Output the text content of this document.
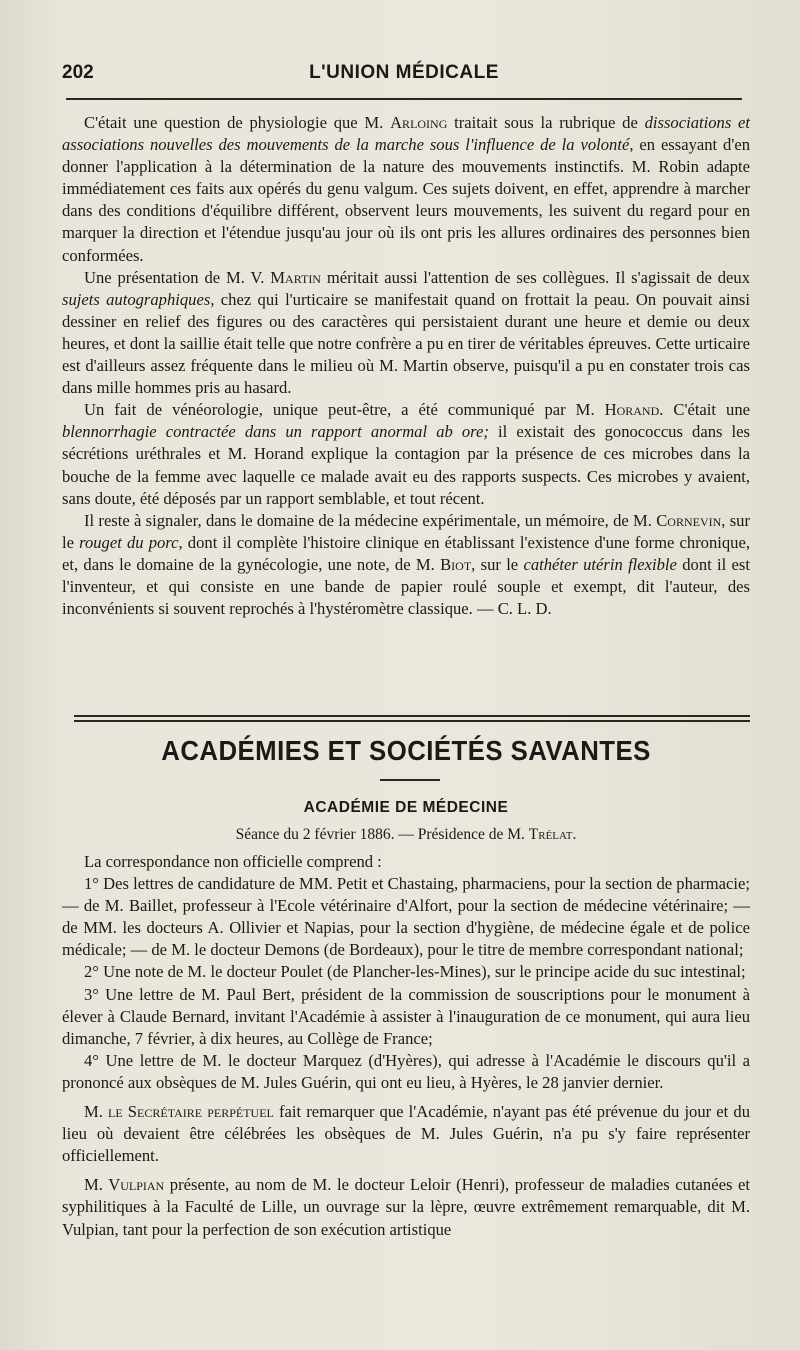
202	L'UNION MÉDICALE

C'était une question de physiologie que M. Arloing traitait sous la rubrique de dissociations et associations nouvelles des mouvements de la marche sous l'influence de la volonté, en essayant d'en donner l'application à la détermination de la nature des mouvements instinctifs. M. Robin adapte immédiatement ces faits aux opérés du genu valgum. Ces sujets doivent, en effet, apprendre à marcher dans des conditions d'équilibre différent, observent leurs mouvements, les suivent du regard pour en marquer la direction et l'étendue jusqu'au jour où ils ont pris les allures ordinaires des personnes bien conformées.

Une présentation de M. V. Martin méritait aussi l'attention de ses collègues. Il s'agissait de deux sujets autographiques, chez qui l'urticaire se manifestait quand on frottait la peau. On pouvait ainsi dessiner en relief des figures ou des caractères qui persistaient durant une heure et demie ou deux heures, et dont la saillie était telle que notre confrère a pu en tirer de véritables épreuves. Cette urticaire est d'ailleurs assez fréquente dans le milieu où M. Martin observe, puisqu'il a pu en constater trois cas dans mille hommes pris au hasard.

Un fait de vénéorologie, unique peut-être, a été communiqué par M. Horand. C'était une blennorrhagie contractée dans un rapport anormal ab ore; il existait des gonococcus dans les sécrétions uréthrales et M. Horand explique la contagion par la présence de ces microbes dans la bouche de la femme avec laquelle ce malade avait eu des rapports suspects. Ces microbes y avaient, sans doute, été déposés par un rapport semblable, et tout récent.

Il reste à signaler, dans le domaine de la médecine expérimentale, un mémoire, de M. Cornevin, sur le rouget du porc, dont il complète l'histoire clinique en établissant l'existence d'une forme chronique, et, dans le domaine de la gynécologie, une note, de M. Biot, sur le cathéter utérin flexible dont il est l'inventeur, et qui consiste en une bande de papier roulé souple et exempt, dit l'auteur, des inconvénients si souvent reprochés à l'hystéromètre classique. — C. L. D.

ACADÉMIES ET SOCIÉTÉS SAVANTES
ACADÉMIE DE MÉDECINE
Séance du 2 février 1886. — Présidence de M. Trélat.

La correspondance non officielle comprend :

1° Des lettres de candidature de MM. Petit et Chastaing, pharmaciens, pour la section de pharmacie; — de M. Baillet, professeur à l'Ecole vétérinaire d'Alfort, pour la section de médecine vétérinaire; — de MM. les docteurs A. Ollivier et Napias, pour la section d'hygiène, de médecine égale et de police médicale; — de M. le docteur Demons (de Bordeaux), pour le titre de membre correspondant national;

2° Une note de M. le docteur Poulet (de Plancher-les-Mines), sur le principe acide du suc intestinal;

3° Une lettre de M. Paul Bert, président de la commission de souscriptions pour le monument à élever à Claude Bernard, invitant l'Académie à assister à l'inauguration de ce monument, qui aura lieu dimanche, 7 février, à dix heures, au Collège de France;

4° Une lettre de M. le docteur Marquez (d'Hyères), qui adresse à l'Académie le discours qu'il a prononcé aux obsèques de M. Jules Guérin, qui ont eu lieu, à Hyères, le 28 janvier dernier.

M. le Secrétaire perpétuel fait remarquer que l'Académie, n'ayant pas été prévenue du jour et du lieu où devaient être célébrées les obsèques de M. Jules Guérin, n'a pu s'y faire représenter officiellement.

M. Vulpian présente, au nom de M. le docteur Leloir (Henri), professeur de maladies cutanées et syphilitiques à la Faculté de Lille, un ouvrage sur la lèpre, œuvre extrêmement remarquable, dit M. Vulpian, tant pour la perfection de son exécution artistique
